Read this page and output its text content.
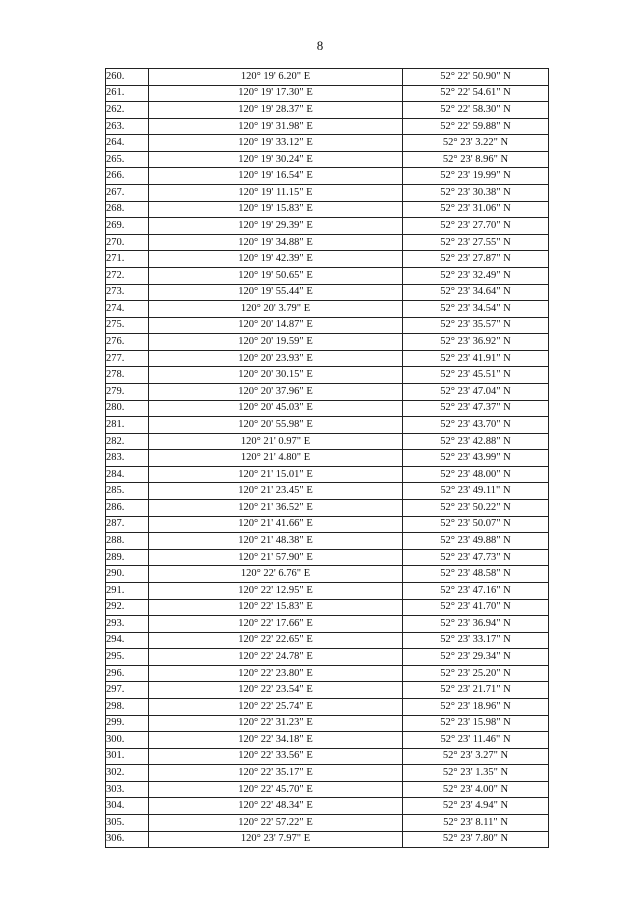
8
260.	120° 19' 6.20" E	52° 22' 50.90" N
261.	120° 19' 17.30" E	52° 22' 54.61" N
262.	120° 19' 28.37" E	52° 22' 58.30" N
263.	120° 19' 31.98" E	52° 22' 59.88" N
264.	120° 19' 33.12" E	52° 23' 3.22" N
265.	120° 19' 30.24" E	52° 23' 8.96" N
266.	120° 19' 16.54" E	52° 23' 19.99" N
267.	120° 19' 11.15" E	52° 23' 30.38" N
268.	120° 19' 15.83" E	52° 23' 31.06" N
269.	120° 19' 29.39" E	52° 23' 27.70" N
270.	120° 19' 34.88" E	52° 23' 27.55" N
271.	120° 19' 42.39" E	52° 23' 27.87" N
272.	120° 19' 50.65" E	52° 23' 32.49" N
273.	120° 19' 55.44" E	52° 23' 34.64" N
274.	120° 20' 3.79" E	52° 23' 34.54" N
275.	120° 20' 14.87" E	52° 23' 35.57" N
276.	120° 20' 19.59" E	52° 23' 36.92" N
277.	120° 20' 23.93" E	52° 23' 41.91" N
278.	120° 20' 30.15" E	52° 23' 45.51" N
279.	120° 20' 37.96" E	52° 23' 47.04" N
280.	120° 20' 45.03" E	52° 23' 47.37" N
281.	120° 20' 55.98" E	52° 23' 43.70" N
282.	120° 21' 0.97" E	52° 23' 42.88" N
283.	120° 21' 4.80" E	52° 23' 43.99" N
284.	120° 21' 15.01" E	52° 23' 48.00" N
285.	120° 21' 23.45" E	52° 23' 49.11" N
286.	120° 21' 36.52" E	52° 23' 50.22" N
287.	120° 21' 41.66" E	52° 23' 50.07" N
288.	120° 21' 48.38" E	52° 23' 49.88" N
289.	120° 21' 57.90" E	52° 23' 47.73" N
290.	120° 22' 6.76" E	52° 23' 48.58" N
291.	120° 22' 12.95" E	52° 23' 47.16" N
292.	120° 22' 15.83" E	52° 23' 41.70" N
293.	120° 22' 17.66" E	52° 23' 36.94" N
294.	120° 22' 22.65" E	52° 23' 33.17" N
295.	120° 22' 24.78" E	52° 23' 29.34" N
296.	120° 22' 23.80" E	52° 23' 25.20" N
297.	120° 22' 23.54" E	52° 23' 21.71" N
298.	120° 22' 25.74" E	52° 23' 18.96" N
299.	120° 22' 31.23" E	52° 23' 15.98" N
300.	120° 22' 34.18" E	52° 23' 11.46" N
301.	120° 22' 33.56" E	52° 23' 3.27" N
302.	120° 22' 35.17" E	52° 23' 1.35" N
303.	120° 22' 45.70" E	52° 23' 4.00" N
304.	120° 22' 48.34" E	52° 23' 4.94" N
305.	120° 22' 57.22" E	52° 23' 8.11" N
306.	120° 23' 7.97" E	52° 23' 7.80" N
